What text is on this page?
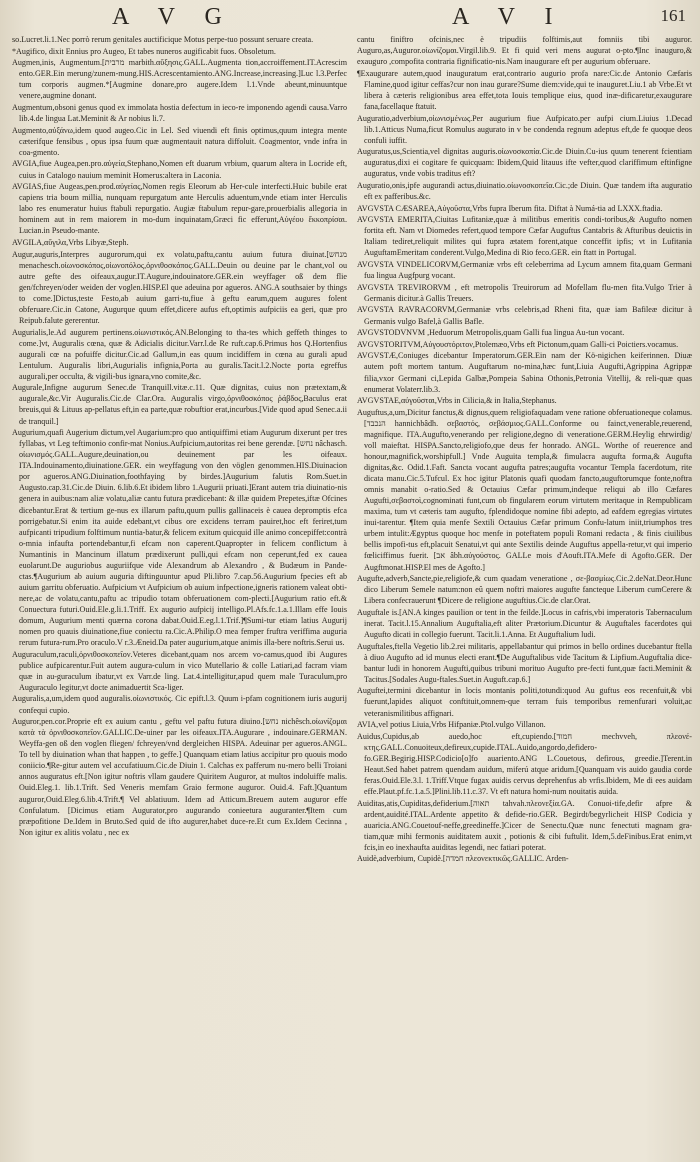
A V G	A V I	161

so.Lucret.li.1.Nec porrò rerum genitales auctificique Motus perpe-tuo possunt seruare creata.

*Augifico, dixit Ennius pro Augeo, Et tabes nuneros augificabit fuos. Obsoletum.

Augmen,inis, Augmentum.[מרבית marbith.αὔξησις.GALL.Augmenta tion,accroiffement.IT.Acrescim ento.GER.Ein merung/zunem-mung.HIS.Acrescentamiento.ANG.Increase,increasing.]Luc l.3.Perfec tum corporis augmen.*[Augmine donare,pro augere.Idem l.1.Vnde abeunt,minuuntque venere,augmine donant.

Augmentum,obsoni genus quod ex immolata hostia defectum in ieco-re imponendo agendi causa.Varro lib.4.de lingua Lat.Meminit & Ar nobius li.7.

Augmento,αὐξάνω,idem quod augeo.Cic in Lel. Sed viuendi eft finis optimus,quum integra mente cæterifque fensibus , opus ipsa fuum quæ augmentauit natura diffoluit. Coagmentor, vnde infra in coa-gmento.

AVGIA,fiue Augea,pen.pro.αὐγεία,Stephano,Nomen eft duarum vrbium, quarum altera in Locride eft, cuius in Catalogo nauium meminit Homerus:altera in Laconia.

AVGIAS,fiue Augeas,pen.prod.αὐγείας,Nomen regis Eleorum ab Her-cule interfecti.Huic bubile erat capiens tria boum millia, nunquam repurgatum ante Herculis aduentum,vnde etiam inter Herculis labo res enumeratur huius ftabuli repurgatio. Augiæ ftabulum repur-gare,prouerbialis allegoria in hominem aut in rem maiorem in mo-dum inquinatam,Græci fic efferunt,Αὐγέου ἔκκοπρίσαι. Lucian.in Pseudo-mante.

AVGILA,αὔγιλα,Vrbs Libyæ,Steph.

Augur,auguris,Interpres augurorum,qui ex volatu,paftu,cantu auium futura diuinat.[מנחש menachesch.οἰωνοσκόπος,οἰωνοπόλος,ὀρνιθοσκόπος.GALL.Deuin ou deuine par le chant,vol ou autre gefte des oifeaux,augur.IT.Augure,indouinatore.GER.ein weyffager oß dem flie gen/fchreyen/oder weiden der voglen.HISP.El que adeuina por agueros. ANG.A southsaier by things to come.]Dictus,teste Festo,ab auium garri-tu,fiue à geftu earum,quem augures folent obferuare.Cic.in Catone, Augurque quum effet,dicere aufus eft,optimis aufpiciis ea geri, quæ pro Reipub.falute gererentur.

Augurialis,le.Ad augurem pertinens.οἰωνιστικός.AN.Belonging to tha-tes which geffeth thinges to come.]vt, Auguralis cœna, quæ & Adicialis dicitur.Varr.l.de Re ruft.cap.6.Primus hos Q.Hortenfius augurali cœ na pofuiffe dicitur.Cic.ad Gallum,in eas quum incidiffem in cœna au gurali apud Lentulum. Auguralis libri,Augurialis infignia,Porta au guralis.Tacit.l.2.Nocte porta egreffus augurali,per occulta, & vigili-bus ignara,vno comite,&c.

Augurale,Infigne augurum Senec.de Tranquill.vitæ.c.11. Quæ dignitas, cuius non prætextam,& augurale,&c.Vir Auguralis.Cic.de Clar.Ora. Auguralis virgo,ὀρνιθοσκόπος ῥάβδος,Baculus erat breuis,qui & Lituus ap-pellatus eft,in ea parte,quæ robuftior erat,incurbus.[Vide quod apud Senec.a.ii de tranquil.]

Augurium,quafi Augerium dictum,vel Augarium:pro quo antiquiffimi etiam Augurum dixerunt per tres fyllabas, vt Leg teftimonio confir-mat Nonius.Aufpicium,autoritas rei bene gerendæ. [נחש nâchasch. οἰωνισμός.GALL.Augure,deuination,ou deuinement par les oifeaux. ITA.Indouinamento,diuinatione.GER. ein weyffagung von den vöglen genommen.HIS.Diuinacion por agueros.ANG.Diuination,foothfaying by birdes.]Augurium falutis Rom.Suet.in Augusto.cap.31.Cic.de Diuin. 6.lib.6.Et ibidem libro 1.Augurii priuati.]Erant autem tria diuinatio-nis genera in auibus:nam aliæ volatu,aliæ cantu futura prædicebant: & illæ quidem Prepetes,iftæ Ofcines dicebantur.Erat & tertium ge-nus ex illarum paftu,quum pullis gallinaceis è cauea depromptis efca porrigebatur.Si enim ita auide edebant,vt cibus ore excidens terram pauiret,hoc eft feriret,tum aufpicanti tripudium folftimum nuntia-batur,& felicem exitum quicquid ille animo concepiffet:contrà o-mnia infaufta portendebantur,fi efcam non caperent.Quapropter in felicem conflictum à Numantinis in Mancinum illatum prædixerunt pulli,qui efcam non ceperunt,fed ex cauea euolarunt.De auguriobus auguriifque vide Alexandrum ab Alexandro , & Budæum in Pande-ctas.¶Augurium ab auium auguria diftinguuntur apud Pli.libro 7.cap.56.Augurium fpecies eft ab auium garritu obferuatio. Aufpicium vt Aufpicium ob auium infpectione,igneris rationem valeat obti-nere,ac de volatu,cantu,paftu ac tripudio totam obferuationem com-plecti.[Augurium ratio eft.& Conuectura futuri.Ouid.Ele.g.li.1.Triff. Ex augurio aufpicij intelligo.Pl.Afs.fc.1.a.1.Illam effe Iouis domum, Augurium menti quærna corona dabat.Ouid.E.eg.l.1.Trif.]¶Sumi-tur etiam latius Augurij nomen pro quauis diuinatione,fiue coniectu ra.Cic.A.Philip.O mea femper fruftra veriffima auguria rerum futura-rum.Pro oraculo.V r.3.Æneid.Da pater augurium,atque animis illa-bere noftris.Serui us.

Auguraculum,raculi,ὀρνιθοσκοπεῖον.Veteres dicebant,quam nos arcem vo-camus,quod ibi Augures publice aufpicarentur.Fuit autem augura-culum in vico Mutellario & colle Latiari,ad facram viam quæ in au-guraculum ibatur,vt ex Varr.de ling. Lat.4.intelligitur,apud quem male Turaculum,pro Auguraculo legitur,vt docte animaduertit Sca-liger.

Auguralis,a,um,idem quod auguralis.οἰωνιστικός. Cic epift.l.3. Quum i-pfam cognitionem iuris augurij confequi cupio.

Auguror,pen.cor.Proprie eft ex auium cantu , geftu vel paftu futura diuino.[נחש nichêsch.οἰωνίζομαι κατὰ τὰ ὀρνιθοσκοπεῖον.GALLIC.De-uiner par les oifeaux.ITA.Augurare , indouinare.GERMAN. Weyffa-gen oß den voglen fliegen/ fchreyen/vnd dergleichen HISPA. Adeuinar per agueros.ANGL. To tell by diuination whan that happen , to geffe.] Quanquam etiam latius accipitur pro quouis modo coniicio.¶Re-gitur autem vel accufatiuum.Cic.de Diuin 1. Calchas ex pafferum nu-mero belli Troiani annos auguratus eft.[Non igitur noftris vllam gaudere Quiritem Auguror, at multos indoluiffe malis. Ouid.Eleg.1. lib.1.Trift. Sed Veneris memfam Graio fermone auguror. Ouid.4. Faft.]Quantum auguror,Ouid.Eleg.6.lib.4.Trift.¶ Vel ablatiuum. Idem ad Atticum.Breuem autem auguror effe Confulatum. [Dicimus etiam Augurator,pro augurando conieetura auguranter.¶Item cum præpofitione De.Idem in Bruto.Sed quid de ifto augurer,habet duce-re.Et cum Ex.Idem Cecinna , Non igitur ex alitis volatu , nec ex

cantu finiftro ofcinis,nec è tripudiis folftimis,aut fomniis tibi auguror. Auguro,as,Auguror.οἰωνίζομαι.Virgil.lib.9. Et fi quid veri mens augurat o-pto.¶Inc inauguro,& exauguro ,compofita contraria fignificatio-nis.Nam inaugurare eft per augurium obferuare.

¶Exaugurare autem,quod inauguratum erat,contrario augurio profa nare:Cic.de Antonio Cæfaris Flamine,quod igitur ceffas?cur non inau gurare?Sume diem:vide,qui te inauguret.Liu.1 ab Vrbe.Et vt libera à cæteris religionibus area effet,tota Iouis templique eius, quod inæ-dificaretur,exaugurare fana,facellaque ftatuit.

Auguratio,adverbium,οἰωνισμένως.Per augurium fiue Aufpicato.per aufpi cium.Liuius 1.Decad lib.1.Atticus Numa,ficut Romulus augurato in v be condenda regnum adeptus eft,de fe quoque deos confuli iuffit.

Auguratus,us,Scientia,vel dignitas auguris.οἰωνοσκοπία.Cic.de Diuin.Cu-ius quum tenerent fcientiam auguratus,dixi ei cogitare fe quicquam: Ibidem,Quid litauus ifte vefter,quod clariffimum eftinfigne auguratus, vnde vobis traditus eft?

Auguratio,onis,ipfe augurandi actus,diuinatio.οἰωνοσκοπεῖα.Cic.;de Diuin. Quæ tandem ifta auguratio eft ex pafferibus.&c.

AVGVSTA CÆSAREA,Αὐγοῦστα,Vrbs fupra Iberum fita. Diftat à Numá-tia ad LXXX.ftadia.

AVGVSTA EMERITA,Ciuitas Lufitaniæ,quæ à militibus emeritis condi-toribus,& Augufto nomen fortita eft. Nam vt Diomedes refert,quod tempore Cæfar Auguftus Cantabris & Afturibus deuictis in Italiam tediret,reliquit milites qui fupra ætatem forent,atque conceffit ipfis; vt in Lufitania AuguftamEmeritam conderent.Vulgo,Medina di Rio feco.GER. ein ftatt in Portugal.

AVGVSTA VINDELICORVM,Germaniæ vrbs eft celeberrima ad Lycum amnem fita,quam Germani fua lingua Augfpurg vocant.

AVGVSTA TREVIRORVM , eft metropolis Treuirorum ad Mofellam flu-men fita.Vulgo Trier à Germanis dicitur.à Gallis Treuers.

AVGVSTA RAVRACORVM,Germaniæ vrbs celebris,ad Rheni fita, quæ iam Bafileæ dicitur à Germanis vulgo Bafel,à Gallis Bafle.

AVGVSTODVNVM ,Heduorum Metropolis,quam Galli fua lingua Au-tun vocant.

AVGVSTORITVM,Αὐγουστόριτον,Ptolemæo,Vrbs eft Pictonum,quam Galli-ci Poictiers.vocamus.

AVGVSTÆ,Coniuges dicebantur Imperatorum.GER.Ein nam der Kö-nigichen keiferinnen. Diuæ autem poft mortem tantum. Auguftarum no-mina,hæc funt,Liuia Augufti,Agrippina Agrippæ filia,vxor Germani ci,Lepida Galbæ,Pompeia Sabina Othonis,Petronia Vitellij, & reli-quæ quas enumerat Volaterr.lib.3.

AVGVSTAE,αὐγοῦσται,Vrbs in Cilicia,& in Italia,Stephanus.

Auguftus,a,um,Dicitur fanctus,& dignus,quem religiofaquadam vene ratione obferuationeque colamus.[הנכבד hannichbâdh. σεβαστός, σεβάσμιος.GALL.Conforme ou fainct,venerable,reuerend, magnifique. ITA.Augufto,venerando per religione,degno di veneratione.GERM.Heylig ehrwirdig/ voll maieftat. HISPA.Sancto,religiofo,que deus fer honrado. ANGL. Worthe of reuerence and honour,magnifick,worshipfull.] Vnde Auguita templa,& fimulacra augufta forma,& Augufta dignitas,&c. Odid.1.Faft. Sancta vocant augufta patres;augufta vocantur Templa facerdotum, rite dicata manu.Cic.5.Tufcul. Ex hoc igitur Platonis quafi quodam fancto,auguftorumque fonte,noftra omnis manabit o-ratio.Sed & Octauius Cæfar primum,indeque reliqui ab illo Cæfares Augufti,σεβαστοὶ,cognominati funt,cum ob fingularem eorum virtutem meritaque in Rempublicam maxima, tum vt cæteris tam augufto, fplendidoque nomine fibi adepto, ad eafdem egregias virtutes inui-tarentur. ¶Item quia menfe Sextili Octauius Cæfar primum Confu-latum iniit,triumphos tres urbem intulit:Ægyptus quoque hoc menfe in poteftatem populi Romani redacta , & finis ciuilibus bellis impofi-tus eft,placuit Senatui,vt qui ante Sextilis deinde Auguftus appella-retur,vt qui imperio fœliciffimus fuerit. [אב âbh.αὐγούστος. GALLe mois d'Aouft.ITA.Mefe di Agofto.GER. Der Augftmonat.HISP.El mes de Agofto.]

Augufte,adverb,Sancte,pie,religiofe,& cum quadam veneratione , σε-βασμίως.Cic.2.deNat.Deor.Hunc dico Liberum Semele natum:non eû quem noftri maiores augufte fancteque Liberum cumCerere & Libera confecrauerunt ¶Dicere de religione auguftius.Cic.de clar.Orat.

Auguftale is.[AN.A kinges pauilion or tent in the feilde.]Locus in cafris,vbi imperatoris Tabernaculum inerat. Tacit.l.15.Annalium Auguftalia,eft aliter Prætorium.Dicuntur & Auguftales facerdotes qui Augufto dicati in collegio fuerunt. Tacit.li.1.Anna. Et Auguftalium ludi.

Auguftales,ftella Vegetio lib.2.rei militaris, appellabantur qui primos in bello ordines ducebantur ftella à diuo Augufto ad id munus electi erant.¶De Auguftalibus vide Tacitum & Lipfium.Auguftalia dice-bantur ludi in honorem Augufti,quibus tribuni morituo Augufto pre-fecti funt,quæ facti.Meminit & Tacitus.[Sodales Augu-ftales.Suet.in Auguft.cap.6.]

Auguftei,termini dicebantur in locis montanis politi,totundi:quod Au guftus eos recenfuit,& vbi fuerunt,lapides aliquot conftituit,omnem-que terram fuis temporibus remenfurari voluit,ac veteranismilitibus affignari.

AVIA,vel potius Liuia,Vrbs Hifpaniæ.Ptol.vulgo Villanon.

Auidus,Cupidus,ab auedo,hoc eft,cupiendo.[חמוד mechvveh, πλεονέ-κτης.GALL.Conuoiteux,defireux,cupide.ITAL.Auido,angordo,defidero-fo.GER.Begirig.HISP.Codicio[o]fo auariento.ANG L.Couetous, defirous, greedie.]Terent.in Heaut.Sed habet patrem quendam auidum, miferú atque aridum.[Quanquam vis auido gaudia corde feras.Ouid.Ele.3.l. 1.Triff.Vtque fugax auidis cervus deprehenfus ab vrfis.Ibidem, Me di ees auidam effe.Plaut.pf.fc.1.a.5.]Plini.lib.11.c.37. Vt eft natura homi-num nouitatis auida.

Auiditas,atis,Cupiditas,defiderium.[תאוה tahvah.πλεονεξία.GA. Conuoi-tife,defir afpre & ardent,auidité.ITAL.Ardente appetito & defide-rio.GER. Begirdt/begyrlicheit HISP Codicia y auaricia.ANG.Couetouf-neffe,greedineffe.]Cicer de Senectu.Quæ nunc fenectuti magnam gra-tiam,quæ mihi fermonis auiditatem auxit , potionis & cibi fuftulit. Idem,5.deFinibus.Erat enim,vt fcis,in eo inexhaufta auiditas legendi, nec fatiari poterat.

Auidè,adverbium, Cupidè.[חמדה πλεονεκτικῶς.GALLIC. Arden-
